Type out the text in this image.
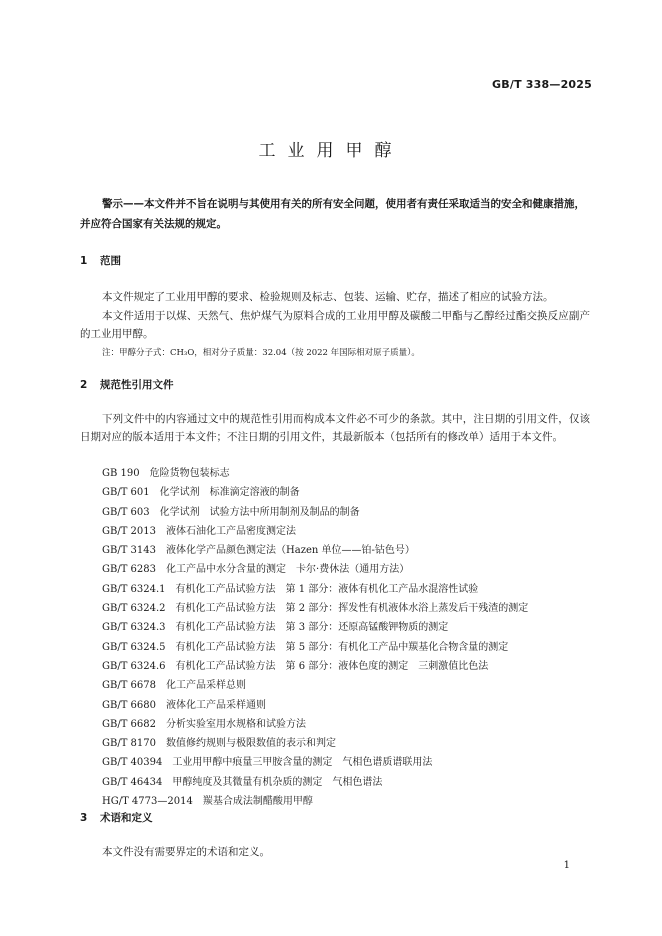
GB/T 338—2025
工业用甲醇
警示——本文件并不旨在说明与其使用有关的所有安全问题，使用者有责任采取适当的安全和健康措施，并应符合国家有关法规的规定。
1 范围
本文件规定了工业用甲醇的要求、检验规则及标志、包装、运输、贮存，描述了相应的试验方法。
本文件适用于以煤、天然气、焦炉煤气为原料合成的工业用甲醇及碳酸二甲酯与乙醇经过酯交换反应副产的工业用甲醇。
注：甲醇分子式：CH₃O，相对分子质量：32.04（按 2022 年国际相对原子质量）。
2 规范性引用文件
下列文件中的内容通过文中的规范性引用而构成本文件必不可少的条款。其中，注日期的引用文件，仅该日期对应的版本适用于本文件；不注日期的引用文件，其最新版本（包括所有的修改单）适用于本文件。
GB 190　 危险货物包装标志
GB/T 601　 化学试剂　标准滴定溶液的制备
GB/T 603　 化学试剂　试验方法中所用制剂及制品的制备
GB/T 2013　 液体石油化工产品密度测定法
GB/T 3143　 液体化学产品颜色测定法（Hazen 单位——铂-钴色号）
GB/T 6283　 化工产品中水分含量的测定　卡尔·费休法（通用方法）
GB/T 6324.1　 有机化工产品试验方法　第 1 部分：液体有机化工产品水混溶性试验
GB/T 6324.2　 有机化工产品试验方法　第 2 部分：挥发性有机液体水浴上蒸发后干残渣的测定
GB/T 6324.3　 有机化工产品试验方法　第 3 部分：还原高锰酸钾物质的测定
GB/T 6324.5　 有机化工产品试验方法　第 5 部分：有机化工产品中羰基化合物含量的测定
GB/T 6324.6　 有机化工产品试验方法　第 6 部分：液体色度的测定　三刺激值比色法
GB/T 6678　 化工产品采样总则
GB/T 6680　 液体化工产品采样通则
GB/T 6682　 分析实验室用水规格和试验方法
GB/T 8170　 数值修约规则与极限数值的表示和判定
GB/T 40394　 工业用甲醇中痕量三甲胺含量的测定　气相色谱质谱联用法
GB/T 46434　 甲醇纯度及其微量有机杂质的测定　气相色谱法
HG/T 4773—2014　 羰基合成法制醋酸用甲醇
3 术语和定义
本文件没有需要界定的术语和定义。
1
